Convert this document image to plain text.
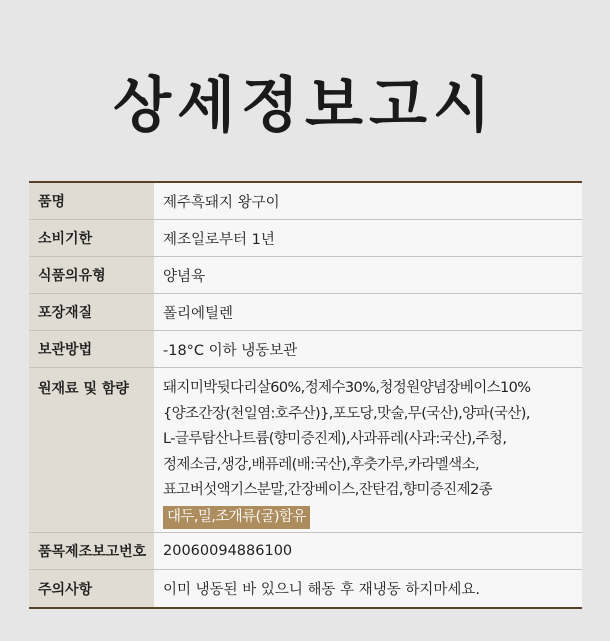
상세정보고시
품명	제주흑돼지 왕구이
소비기한	제조일로부터 1년
식품의유형	양념육
포장재질	폴리에틸렌
보관방법	-18°C 이하 냉동보관
원재료 및 함량	돼지미박뒷다리살60%,정제수30%,청정원양념장베이스10%
{양조간장(천일염:호주산)},포도당,맛술,무(국산),양파(국산),
L-글루탐산나트륨(향미증진제),사과퓨레(사과:국산),주청,
정제소금,생강,배퓨레(배:국산),후춧가루,카라멜색소,
표고버섯액기스분말,간장베이스,잔탄검,향미증진제2종
대두,밀,조개류(굴)함유
품목제조보고번호	20060094886100
주의사항	이미 냉동된 바 있으니 해동 후 재냉동 하지마세요.
